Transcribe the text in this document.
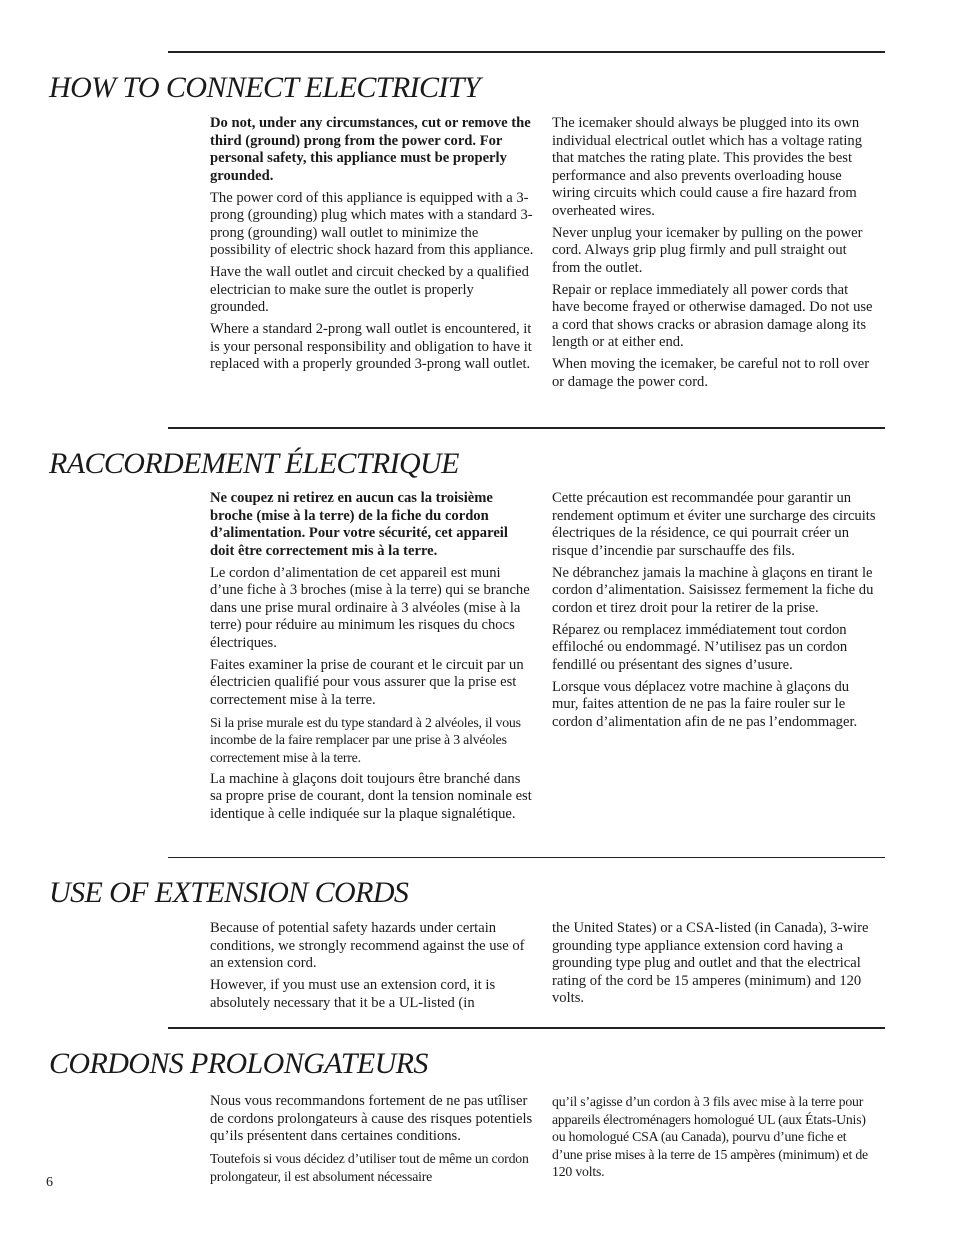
HOW TO CONNECT ELECTRICITY

Do not, under any circumstances, cut or remove the third (ground) prong from the power cord. For personal safety, this appliance must be properly grounded.

The power cord of this appliance is equipped with a 3-prong (grounding) plug which mates with a standard 3-prong (grounding) wall outlet to minimize the possibility of electric shock hazard from this appliance.

Have the wall outlet and circuit checked by a qualified electrician to make sure the outlet is properly grounded.

Where a standard 2-prong wall outlet is encountered, it is your personal responsibility and obligation to have it replaced with a properly grounded 3-prong wall outlet.

The icemaker should always be plugged into its own individual electrical outlet which has a voltage rating that matches the rating plate. This provides the best performance and also prevents overloading house wiring circuits which could cause a fire hazard from overheated wires.

Never unplug your icemaker by pulling on the power cord. Always grip plug firmly and pull straight out from the outlet.

Repair or replace immediately all power cords that have become frayed or otherwise damaged. Do not use a cord that shows cracks or abrasion damage along its length or at either end.

When moving the icemaker, be careful not to roll over or damage the power cord.

RACCORDEMENT ÉLECTRIQUE

Ne coupez ni retirez en aucun cas la troisième broche (mise à la terre) de la fiche du cordon d’alimentation. Pour votre sécurité, cet appareil doit être correctement mis à la terre.

Le cordon d’alimentation de cet appareil est muni d’une fiche à 3 broches (mise à la terre) qui se branche dans une prise mural ordinaire à 3 alvéoles (mise à la terre) pour réduire au minimum les risques du chocs électriques.

Faites examiner la prise de courant et le circuit par un électricien qualifié pour vous assurer que la prise est correctement mise à la terre.

Si la prise murale est du type standard à 2 alvéoles, il vous incombe de la faire remplacer par une prise à 3 alvéoles correctement mise à la terre.

La machine à glaçons doit toujours être branché dans sa propre prise de courant, dont la tension nominale est identique à celle indiquée sur la plaque signalétique.

Cette précaution est recommandée pour garantir un rendement optimum et éviter une surcharge des circuits électriques de la résidence, ce qui pourrait créer un risque d’incendie par surschauffe des fils.

Ne débranchez jamais la machine à glaçons en tirant le cordon d’alimentation. Saisissez fermement la fiche du cordon et tirez droit pour la retirer de la prise.

Réparez ou remplacez immédiatement tout cordon effiloché ou endommagé. N’utilisez pas un cordon fendillé ou présentant des signes d’usure.

Lorsque vous déplacez votre machine à glaçons du mur, faites attention de ne pas la faire rouler sur le cordon d’alimentation afin de ne pas l’endommager.

USE OF EXTENSION CORDS

Because of potential safety hazards under certain conditions, we strongly recommend against the use of an extension cord.

However, if you must use an extension cord, it is absolutely necessary that it be a UL-listed (in

the United States) or a CSA-listed (in Canada), 3-wire grounding type appliance extension cord having a grounding type plug and outlet and that the electrical rating of the cord be 15 amperes (minimum) and 120 volts.

CORDONS PROLONGATEURS

Nous vous recommandons fortement de ne pas utîliser de cordons prolongateurs à cause des risques potentiels qu’ils présentent dans certaines conditions.

Toutefois si vous décidez d’utiliser tout de même un cordon prolongateur, il est absolument nécessaire

qu’il s’agisse d’un cordon à 3 fils avec mise à la terre pour appareils électroménagers homologué UL (aux États-Unis) ou homologué CSA (au Canada), pourvu d’une fiche et d’une prise mises à la terre de 15 ampères (minimum) et de 120 volts.

6
